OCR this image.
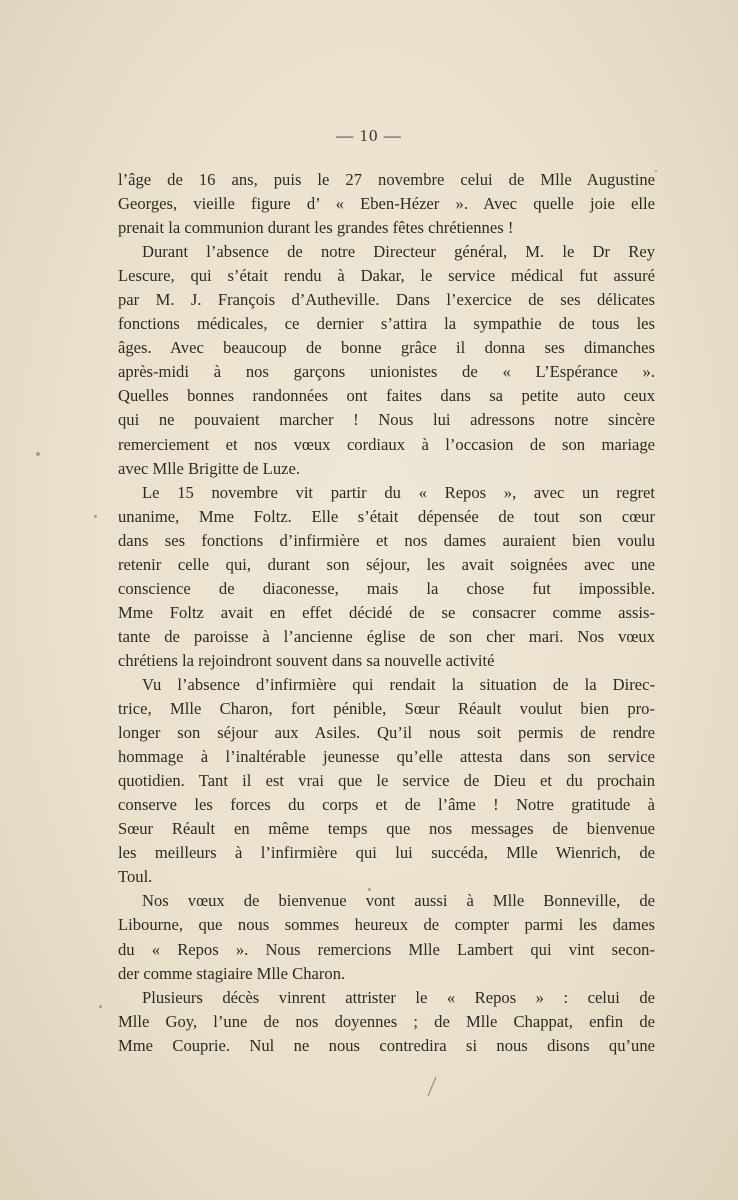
— 10 —
l’âge de 16 ans, puis le 27 novembre celui de Mlle Augustine
Georges, vieille figure d’ « Eben-Hézer ». Avec quelle joie elle
prenait la communion durant les grandes fêtes chrétiennes !
Durant l’absence de notre Directeur général, M. le Dr Rey
Lescure, qui s’était rendu à Dakar, le service médical fut assuré
par M. J. François d’Autheville. Dans l’exercice de ses délicates
fonctions médicales, ce dernier s’attira la sympathie de tous les
âges. Avec beaucoup de bonne grâce il donna ses dimanches
après-midi à nos garçons unionistes de « L’Espérance ».
Quelles bonnes randonnées ont faites dans sa petite auto ceux
qui ne pouvaient marcher ! Nous lui adressons notre sincère
remerciement et nos vœux cordiaux à l’occasion de son mariage
avec Mlle Brigitte de Luze.
Le 15 novembre vit partir du « Repos », avec un regret
unanime, Mme Foltz. Elle s’était dépensée de tout son cœur
dans ses fonctions d’infirmière et nos dames auraient bien voulu
retenir celle qui, durant son séjour, les avait soignées avec une
conscience de diaconesse, mais la chose fut impossible.
Mme Foltz avait en effet décidé de se consacrer comme assis-
tante de paroisse à l’ancienne église de son cher mari. Nos vœux
chrétiens la rejoindront souvent dans sa nouvelle activité
Vu l’absence d’infirmière qui rendait la situation de la Direc-
trice, Mlle Charon, fort pénible, Sœur Réault voulut bien pro-
longer son séjour aux Asiles. Qu’il nous soit permis de rendre
hommage à l’inaltérable jeunesse qu’elle attesta dans son service
quotidien. Tant il est vrai que le service de Dieu et du prochain
conserve les forces du corps et de l’âme ! Notre gratitude à
Sœur Réault en même temps que nos messages de bienvenue
les meilleurs à l’infirmière qui lui succéda, Mlle Wienrich, de
Toul.
Nos vœux de bienvenue vont aussi à Mlle Bonneville, de
Libourne, que nous sommes heureux de compter parmi les dames
du « Repos ». Nous remercions Mlle Lambert qui vint secon-
der comme stagiaire Mlle Charon.
Plusieurs décès vinrent attrister le « Repos » : celui de
Mlle Goy, l’une de nos doyennes ; de Mlle Chappat, enfin de
Mme Couprie. Nul ne nous contredira si nous disons qu’une
